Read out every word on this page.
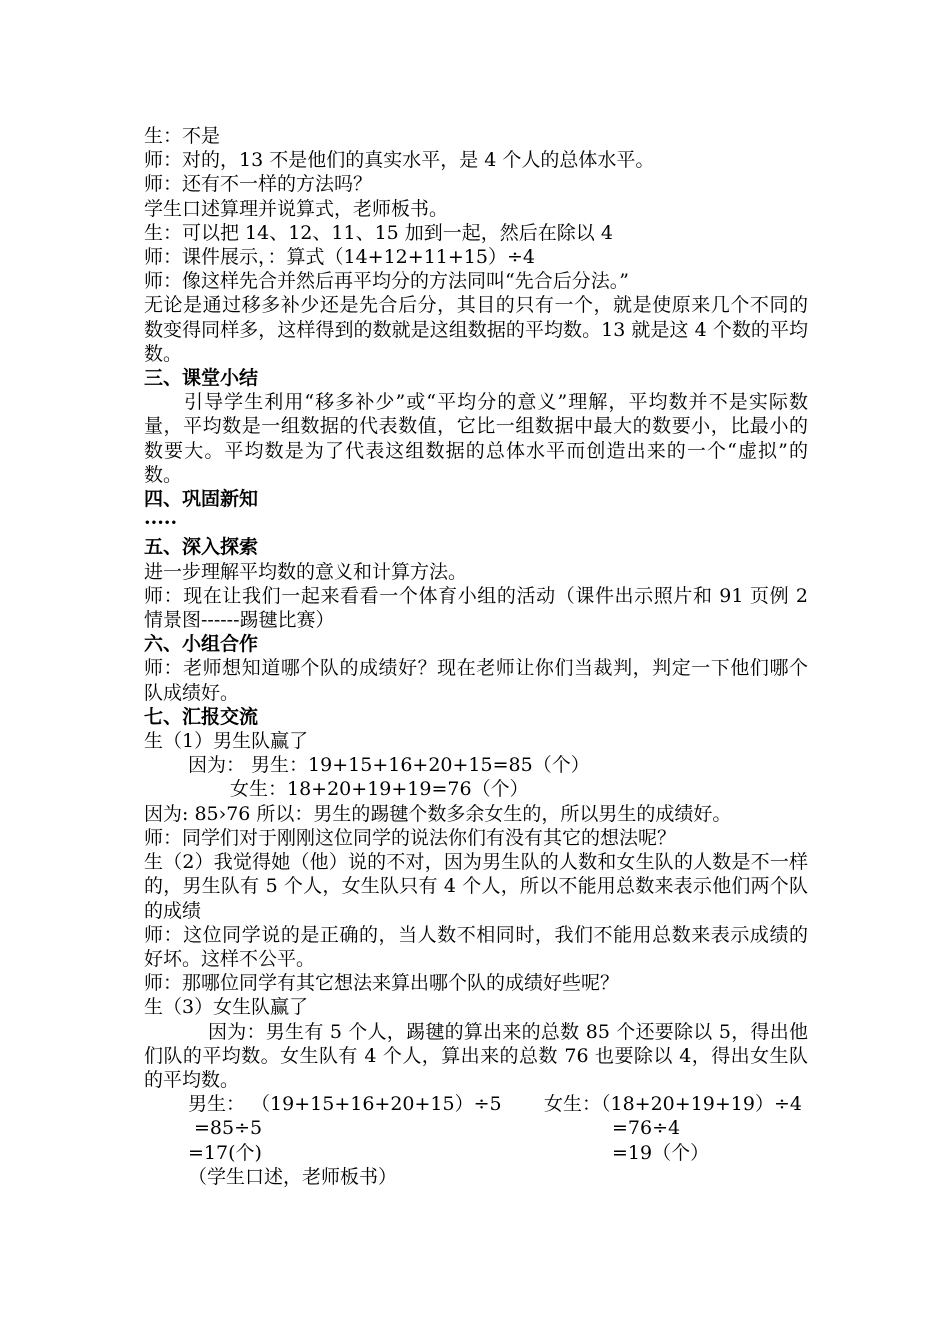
生：不是
师：对的，13 不是他们的真实水平，是 4 个人的总体水平。
师：还有不一样的方法吗？
学生口述算理并说算式，老师板书。
生：可以把 14、12、11、15 加到一起，然后在除以 4
师：课件展示，：算式（14+12+11+15）÷4
师：像这样先合并然后再平均分的方法同叫“先合后分法。”
无论是通过移多补少还是先合后分，其目的只有一个，就是使原来几个不同的数变得同样多，这样得到的数就是这组数据的平均数。13 就是这 4 个数的平均数。
三、课堂小结
引导学生利用“移多补少”或“平均分的意义”理解，平均数并不是实际数量，平均数是一组数据的代表数值，它比一组数据中最大的数要小，比最小的数要大。平均数是为了代表这组数据的总体水平而创造出来的一个“虚拟”的数。
四、巩固新知
·····
五、深入探索
进一步理解平均数的意义和计算方法。
师：现在让我们一起来看看一个体育小组的活动（课件出示照片和 91 页例 2 情景图------踢毽比赛）
六、小组合作
师：老师想知道哪个队的成绩好？现在老师让你们当裁判，判定一下他们哪个队成绩好。
七、汇报交流
生（1）男生队赢了
因为： 男生：19+15+16+20+15=85（个）
女生：18+20+19+19=76（个）
因为: 85›76 所以：男生的踢毽个数多余女生的，所以男生的成绩好。
师：同学们对于刚刚这位同学的说法你们有没有其它的想法呢？
生（2）我觉得她（他）说的不对，因为男生队的人数和女生队的人数是不一样的，男生队有 5 个人，女生队只有 4 个人，所以不能用总数来表示他们两个队的成绩
师：这位同学说的是正确的，当人数不相同时，我们不能用总数来表示成绩的好坏。这样不公平。
师：那哪位同学有其它想法来算出哪个队的成绩好些呢？
生（3）女生队赢了
因为：男生有 5 个人，踢毽的算出来的总数 85 个还要除以 5，得出他们队的平均数。女生队有 4 个人，算出来的总数 76 也要除以 4，得出女生队的平均数。
男生： （19+15+16+20+15）÷5	女生：（18+20+19+19）÷4
=85÷5	=76÷4
=17(个)	=19（个）
（学生口述，老师板书）
